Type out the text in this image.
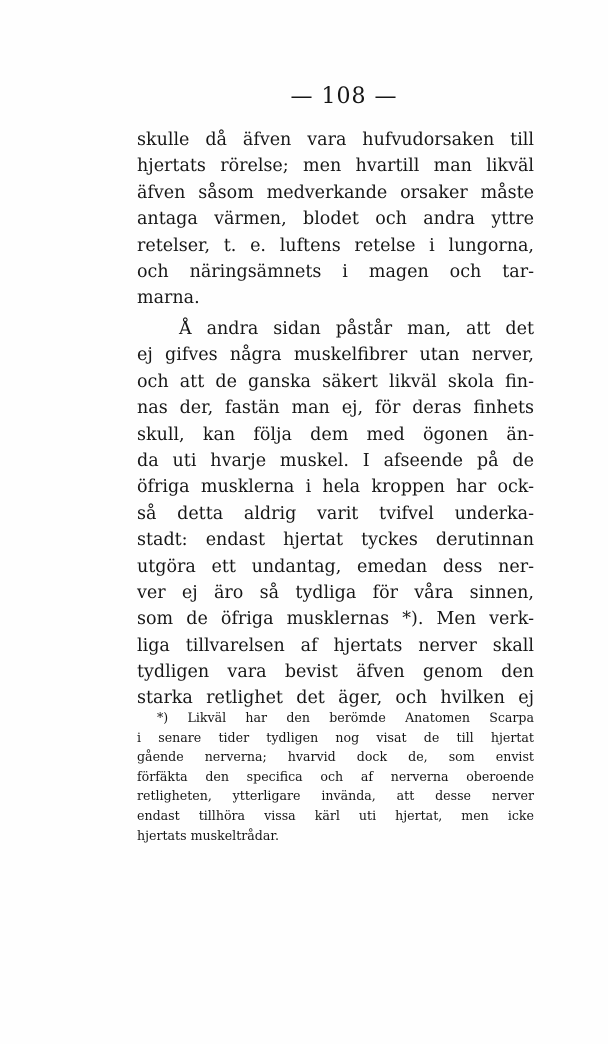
— 108 —
skulle då äfven vara hufvudorsaken till
hjertats rörelse; men hvartill man likväl
äfven såsom medverkande orsaker måste
antaga värmen, blodet och andra yttre
retelser, t. e. luftens retelse i lungorna,
och näringsämnets i magen och tar-
marna.
Å andra sidan påstår man, att det
ej gifves några muskelfibrer utan nerver,
och att de ganska säkert likväl skola fin-
nas der, fastän man ej, för deras finhets
skull, kan följa dem med ögonen än-
da uti hvarje muskel. I afseende på de
öfriga musklerna i hela kroppen har ock-
så detta aldrig varit tvifvel underka-
stadt: endast hjertat tyckes derutinnan
utgöra ett undantag, emedan dess ner-
ver ej äro så tydliga för våra sinnen,
som de öfriga musklernas *). Men verk-
liga tillvarelsen af hjertats nerver skall
tydligen vara bevist äfven genom den
starka retlighet det äger, och hvilken ej
*) Likväl har den berömde Anatomen Scarpa
i senare tider tydligen nog visat de till hjertat
gående nerverna; hvarvid dock de, som envist
förfäkta den specifica och af nerverna oberoende
retligheten, ytterligare invända, att desse nerver
endast tillhöra vissa kärl uti hjertat, men icke
hjertats muskeltrådar.
